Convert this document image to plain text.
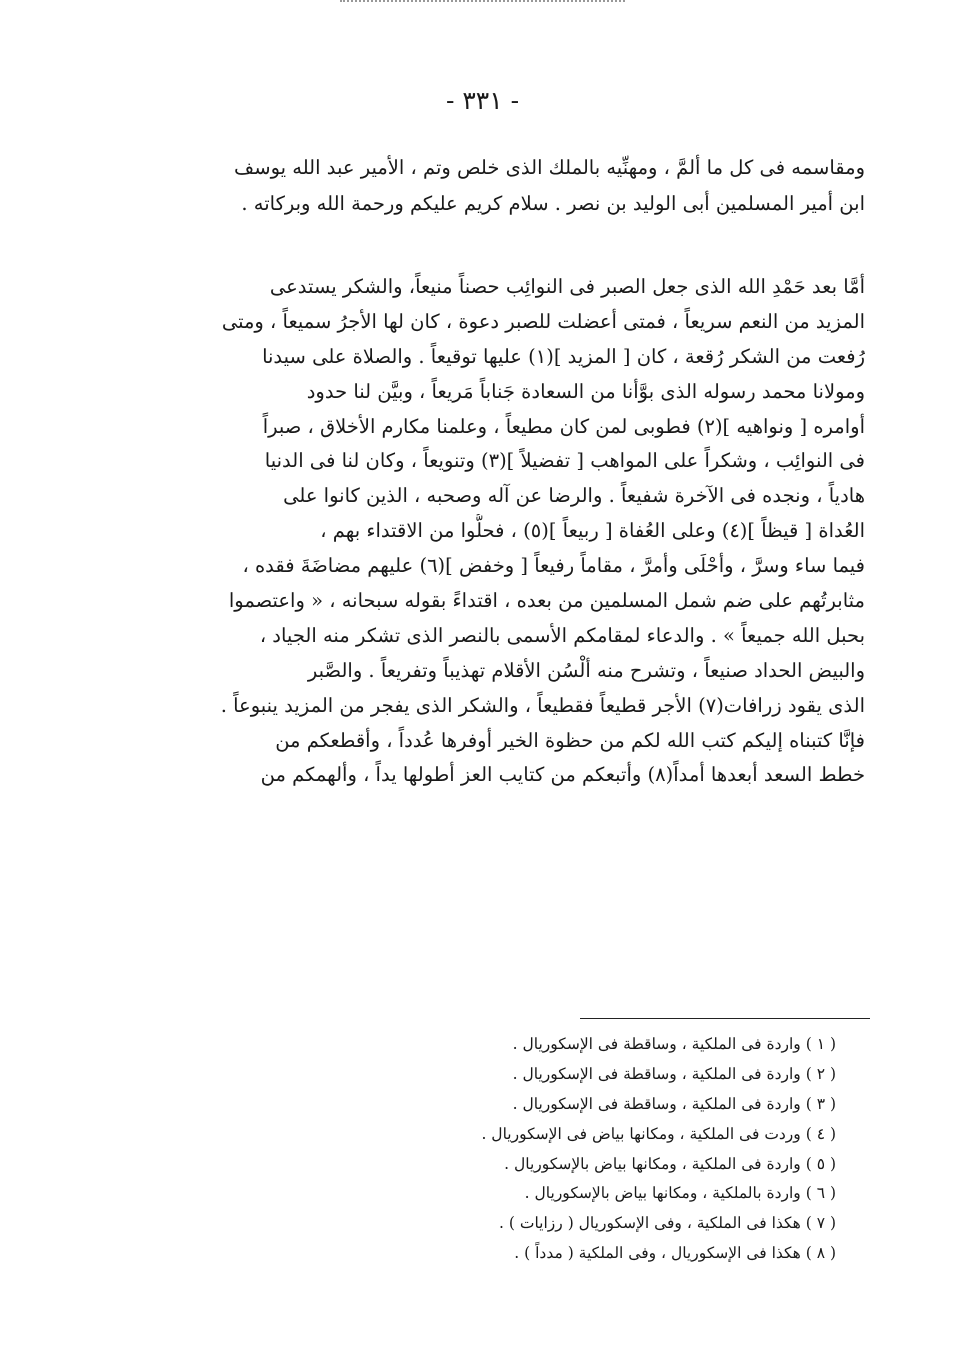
- ٣٣١ -
ومقاسمه فى كل ما ألمَّ ، ومهنِّيه بالملك الذى خلص وتم ، الأمير عبد الله يوسف
ابن أمير المسلمين أبى الوليد بن نصر . سلام كريم عليكم ورحمة الله وبركاته .
أمَّا بعد حَمْدِ الله الذى جعل الصبر فى النوائِب حصناً منيعاً، والشكر يستدعى
المزيد من النعم سريعاً ، فمتى أعضلت للصبر دعوة ، كان لها الأجرُ سميعاً ، ومتى
رُفعت من الشكر رُقعة ، كان [ المزيد ](١) عليها توقيعاً . والصلاة على سيدنا
ومولانا محمد رسوله الذى بوَّأنا من السعادة جَناباً مَريعاً ، وبيَّن لنا حدود
أوامره [ ونواهيه ](٢) فطوبى لمن كان مطيعاً ، وعلمنا مكارم الأخلاق ، صبراً
فى النوائِب ، وشكراً على المواهب [ تفضيلاً ](٣) وتنويعاً ، وكان لنا فى الدنيا
هادياً ، ونجده فى الآخرة شفيعاً . والرضا عن آله وصحبه ، الذين كانوا على
العُداة [ قيظاً ](٤) وعلى العُفاة [ ربيعاً ](٥) ، فحلُّوا من الاقتداء بهم ،
فيما ساء وسرَّ ، وأحْلَى وأمرَّ ، مقاماً رفيعاً [ وخفض ](٦) عليهم مضاضَةَ فقده ،
مثابرتُهم على ضم شمل المسلمين من بعده ، اقتداءً بقوله سبحانه ، « واعتصموا
بحبل الله جميعاً » . والدعاء لمقامكم الأسمى بالنصر الذى تشكر منه الجياد ،
والبيض الحداد صنيعاً ، وتشرح منه ألْسُن الأقلام تهذيباً وتفريعاً . والصَّبر
الذى يقود زرافات(٧) الأجر قطيعاً فقطيعاً ، والشكر الذى يفجر من المزيد ينبوعاً .
فإنَّا كتبناه إليكم كتب الله لكم من حظوة الخير أوفرها عُدداً ، وأقطعكم من
خطط السعد أبعدها أمداً(٨) وأتبعكم من كتايب العز أطولها يداً ، وألهمكم من
( ١ ) واردة فى الملكية ، وساقطة فى الإسكوريال .
( ٢ ) واردة فى الملكية ، وساقطة فى الإسكوريال .
( ٣ ) واردة فى الملكية ، وساقطة فى الإسكوريال .
( ٤ ) وردت فى الملكية ، ومكانها بياض فى الإسكوريال .
( ٥ ) واردة فى الملكية ، ومكانها بياض بالإسكوريال .
( ٦ ) واردة بالملكية ، ومكانها بياض بالإسكوريال .
( ٧ ) هكذا فى الملكية ، وفى الإسكوريال ( رزايات ) .
( ٨ ) هكذا فى الإسكوريال ، وفى الملكية ( مدداً ) .
